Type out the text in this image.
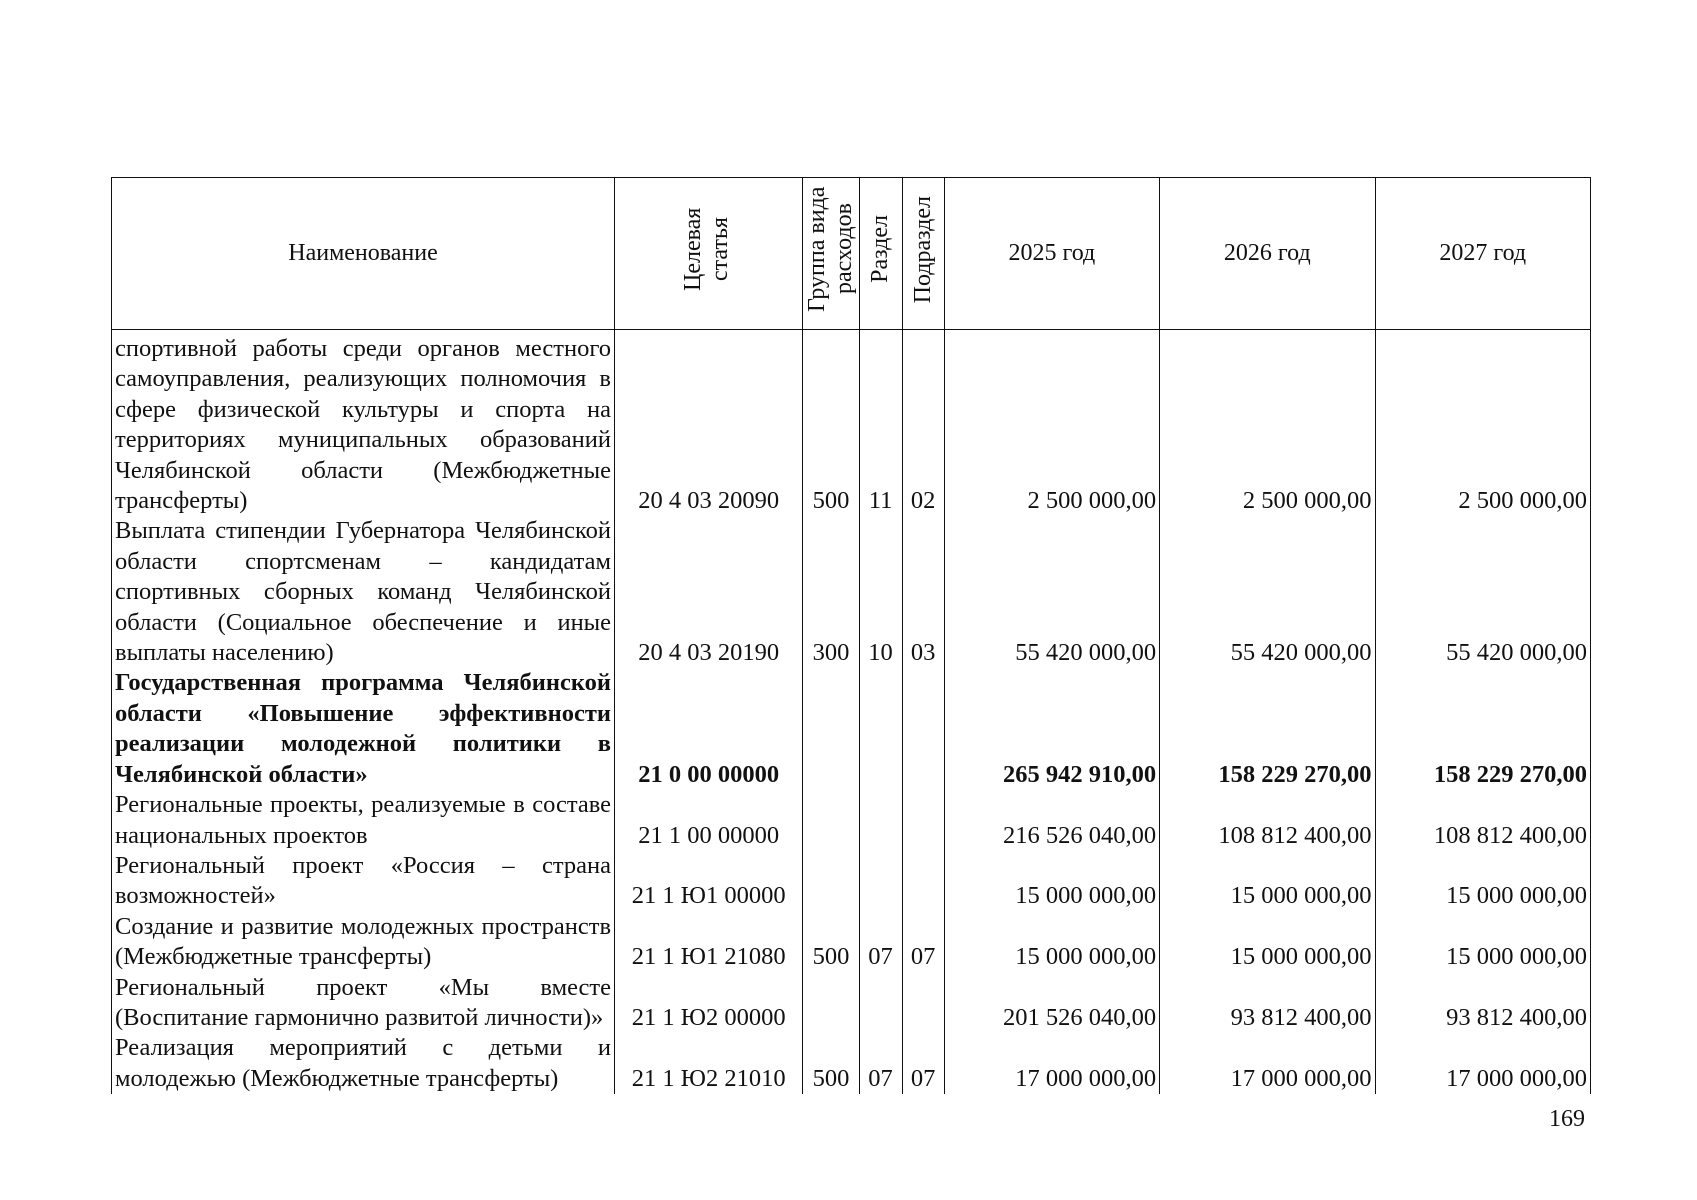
Наименование	Целевая статья	Группа вида расходов	Раздел	Подраздел	2025 год	2026 год	2027 год
спортивной работы среди органов местного самоуправления, реализующих полномочия в сфере физической культуры и спорта на территориях муниципальных образований Челябинской области (Межбюджетные трансферты)	20 4 03 20090	500	11	02	2 500 000,00	2 500 000,00	2 500 000,00
Выплата стипендии Губернатора Челябинской области спортсменам – кандидатам спортивных сборных команд Челябинской области (Социальное обеспечение и иные выплаты населению)	20 4 03 20190	300	10	03	55 420 000,00	55 420 000,00	55 420 000,00
Государственная программа Челябинской области «Повышение эффективности реализации молодежной политики в Челябинской области»	21 0 00 00000				265 942 910,00	158 229 270,00	158 229 270,00
Региональные проекты, реализуемые в составе национальных проектов	21 1 00 00000				216 526 040,00	108 812 400,00	108 812 400,00
Региональный проект «Россия – страна возможностей»	21 1 Ю1 00000				15 000 000,00	15 000 000,00	15 000 000,00
Создание и развитие молодежных пространств (Межбюджетные трансферты)	21 1 Ю1 21080	500	07	07	15 000 000,00	15 000 000,00	15 000 000,00
Региональный проект «Мы вместе (Воспитание гармонично развитой личности)»	21 1 Ю2 00000				201 526 040,00	93 812 400,00	93 812 400,00
Реализация мероприятий с детьми и молодежью (Межбюджетные трансферты)	21 1 Ю2 21010	500	07	07	17 000 000,00	17 000 000,00	17 000 000,00
169
